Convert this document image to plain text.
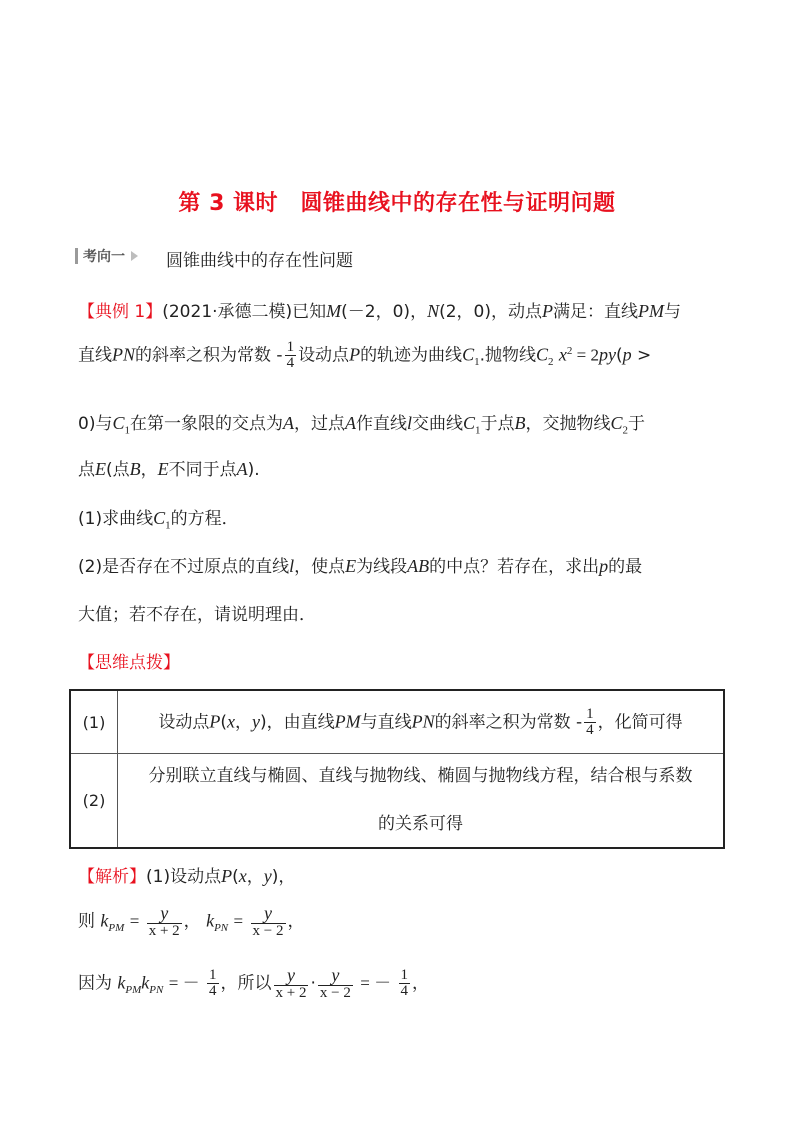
第 3 课时　圆锥曲线中的存在性与证明问题
考向一 圆锥曲线中的存在性问题
【典例 1】(2021·承德二模)已知M(－2，0)，N(2，0)，动点P满足：直线PM与
直线PN的斜率之积为常数 - $\frac{1}{4}$ 设动点P的轨迹为曲线$C_1$.抛物线$C_2$ $x^2 = 2py(p$ >
0)与$C_1$在第一象限的交点为A，过点A作直线l交曲线$C_1$于点B，交抛物线$C_2$于
点E(点B，E不同于点A).
(1)求曲线$C_1$的方程．
(2)是否存在不过原点的直线l，使点E为线段AB的中点？若存在，求出p的最
大值；若不存在，请说明理由．
【思维点拨】
(1)	设动点P(x，y)，由直线PM与直线PN的斜率之积为常数 - $\frac{1}{4}$ ，化简可得
(2)
分别联立直线与椭圆、直线与抛物线、椭圆与抛物线方程，结合根与系数
的关系可得
【解析】(1)设动点P(x，y)，
则 $k_{PM} = \frac{y}{x + 2}$ ， $k_{PN} = \frac{y}{x - 2}$ ，
因为 $k_{PM}k_{PN}$ = － $\frac{1}{4}$ ，所以 $\frac{y}{x + 2} \cdot \frac{y}{x - 2}$ = － $\frac{1}{4}$ ，
